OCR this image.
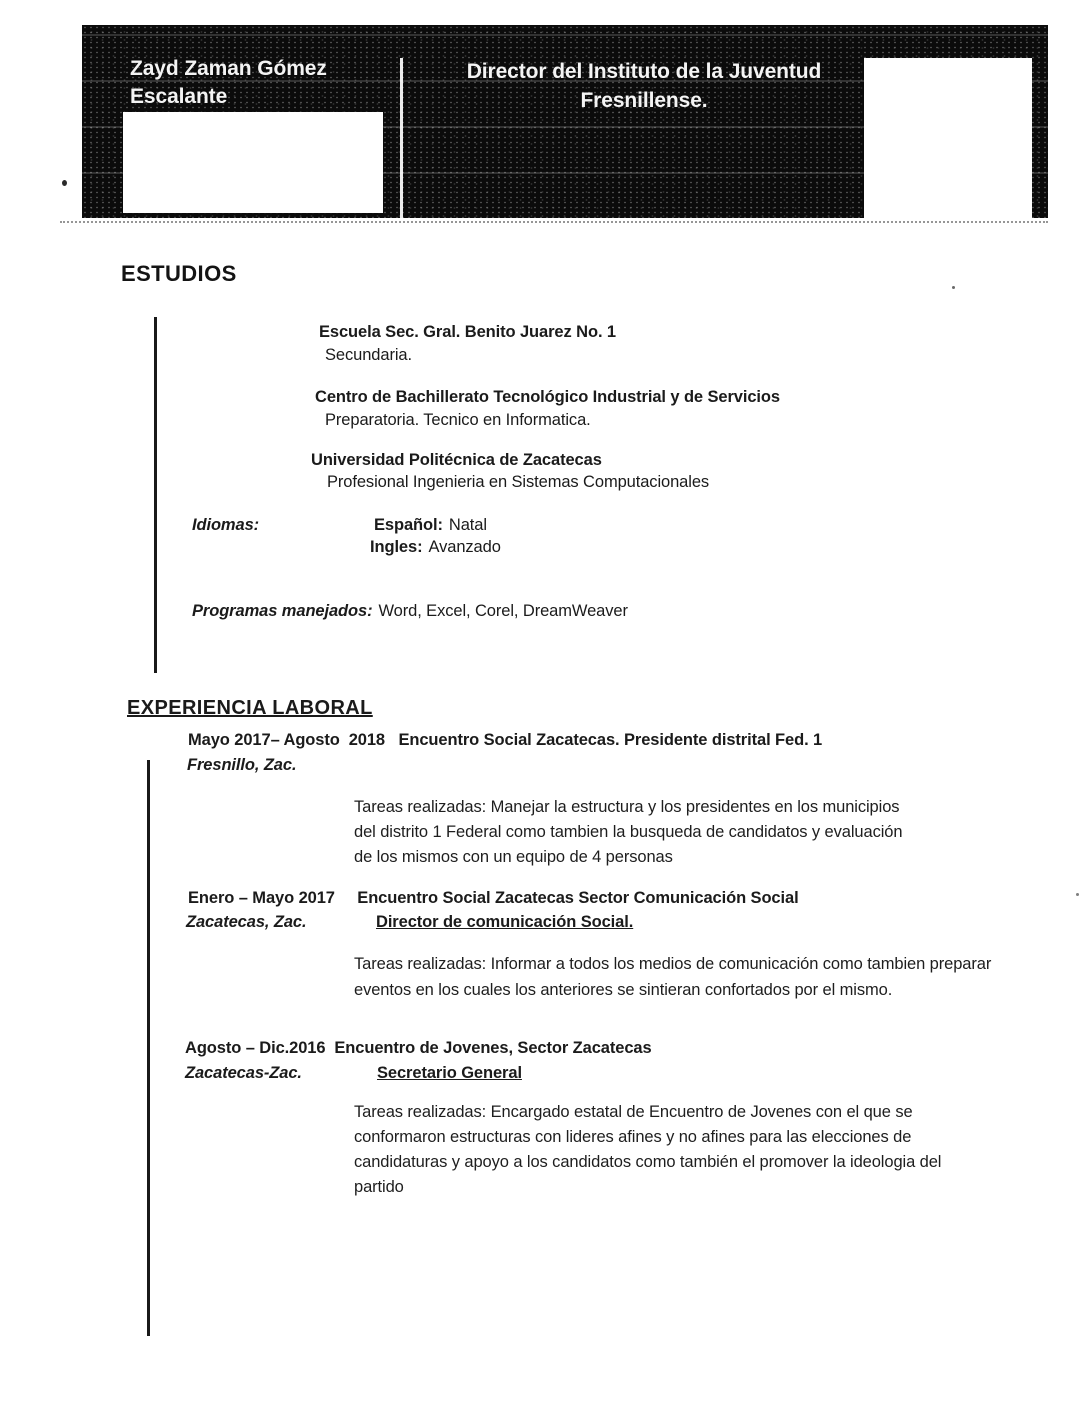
Zayd Zaman Gómez
Escalante
Director del Instituto de la Juventud
Fresnillense.
ESTUDIOS
Escuela Sec. Gral. Benito Juarez No. 1
Secundaria.
Centro de Bachillerato Tecnológico Industrial y de Servicios
Preparatoria. Tecnico en Informatica.
Universidad Politécnica de Zacatecas
Profesional Ingenieria en Sistemas Computacionales
Idiomas:	Español: Natal
Ingles: Avanzado
Programas manejados: Word, Excel, Corel, DreamWeaver
EXPERIENCIA LABORAL
Mayo 2017– Agosto  2018   Encuentro Social Zacatecas. Presidente distrital Fed. 1
Fresnillo, Zac.
Tareas realizadas: Manejar la estructura y los presidentes en los municipios del distrito 1 Federal como tambien la busqueda de candidatos y evaluación de los mismos con un equipo de 4 personas
Enero – Mayo 2017     Encuentro Social Zacatecas Sector Comunicación Social
Zacatecas, Zac.	Director de comunicación Social.
Tareas realizadas: Informar a todos los medios de comunicación como tambien preparar eventos en los cuales los anteriores se sintieran confortados por el mismo.
Agosto – Dic.2016  Encuentro de Jovenes, Sector Zacatecas
Zacatecas-Zac.	Secretario General
Tareas realizadas: Encargado estatal de Encuentro de Jovenes con el que se conformaron estructuras con lideres afines y no afines para las elecciones de candidaturas y apoyo a los candidatos como también el promover la ideologia del partido
